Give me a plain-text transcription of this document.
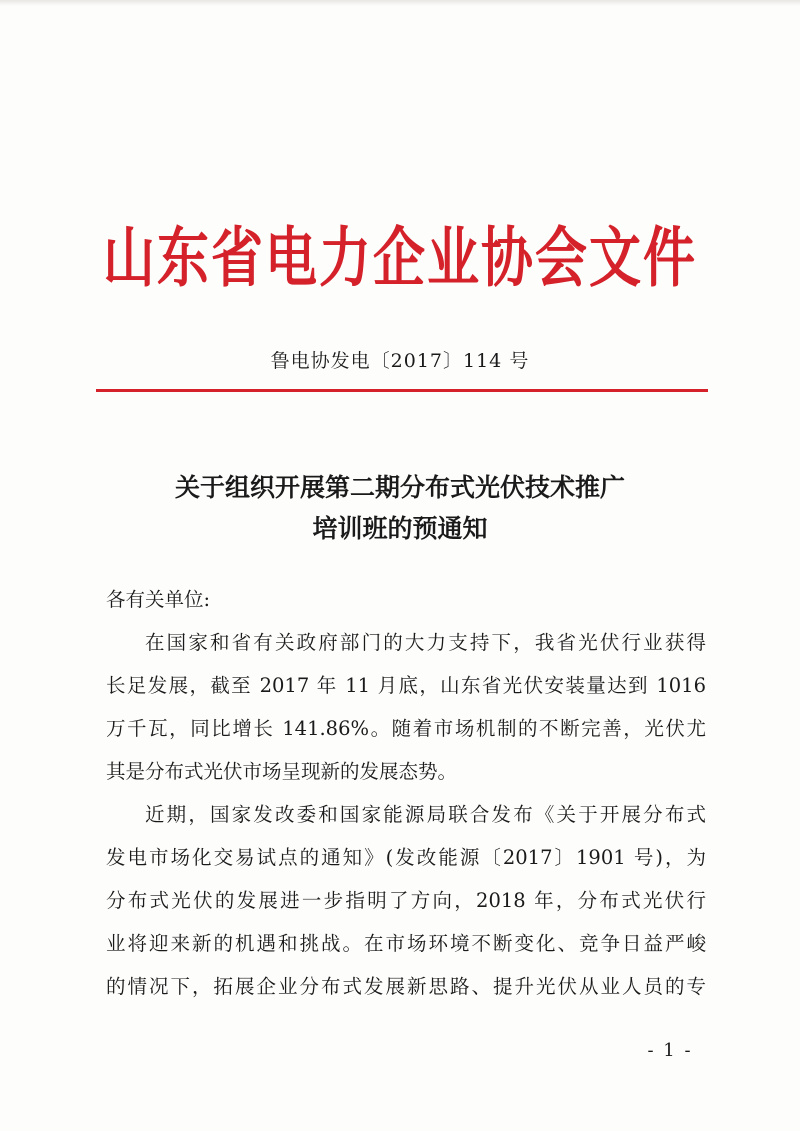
山东省电力企业协会文件
鲁电协发电〔2017〕114 号
关于组织开展第二期分布式光伏技术推广
培训班的预通知

各有关单位:

在国家和省有关政府部门的大力支持下，我省光伏行业获得

长足发展，截至 2017 年 11 月底，山东省光伏安装量达到 1016

万千瓦，同比增长 141.86%。随着市场机制的不断完善，光伏尤

其是分布式光伏市场呈现新的发展态势。

近期，国家发改委和国家能源局联合发布《关于开展分布式

发电市场化交易试点的通知》(发改能源〔2017〕1901 号)，为

分布式光伏的发展进一步指明了方向，2018 年，分布式光伏行

业将迎来新的机遇和挑战。在市场环境不断变化、竞争日益严峻

的情况下，拓展企业分布式发展新思路、提升光伏从业人员的专

- 1 -
